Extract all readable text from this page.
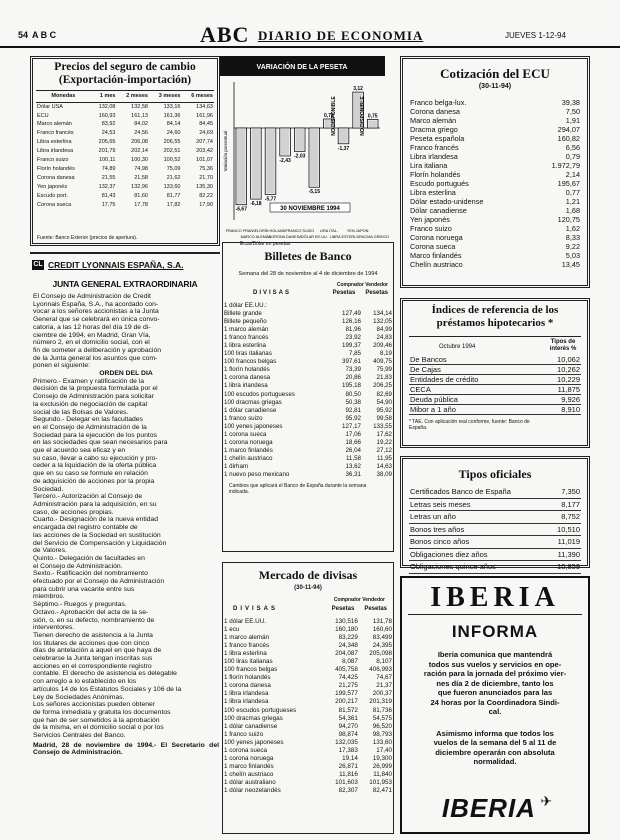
54 A B C	ABC DIARIO DE ECONOMIA	JUEVES 1-12-94
Precios del seguro de cambio
(Exportación-importación)
Monedas	1 mes	2 meses	3 meses	6 meses
Dólar USA	132,08	132,58	133,16	134,63
ECU	160,93	161,13	161,36	161,96
Marco alemán	83,92	84,02	84,14	84,45
Franco francés	24,53	24,56	24,60	24,69
Libra esterlina	205,65	206,08	206,55	207,74
Libra irlandesa	201,79	202,14	202,51	203,42
Franco suizo	100,11	100,30	100,52	101,07
Florín holandés	74,89	74,98	75,09	75,36
Corona danesa	21,55	21,58	21,62	21,70
Yen japonés	132,37	132,96	133,60	135,30
Escudo port.	81,43	81,60	81,77	82,22
Corona sueca	17,75	17,78	17,82	17,90
Fuente: Banco Exterior (precios de apertura).
VARIACIÓN DE LA PESETA
Variación porcentual
-6,67
FRANCO FRANC.
-6,18
MARCO ALEMÁN
-5,77
FLORÍN HOLAND.
-2,43
CORONA DANESA
-2,03
FRANCO SUIZO
-5,15
DÓLAR EE.UU.
0,78
LIRA ITAL.
-1,37
LIBRA ESTERL.
3,12
YEN JAPON.
0,75
DRACMA GRIEGO
NO DISPONIBLE	NO DISPONIBLE
30 NOVIEMBRE 1994
Ecus/Dólar en pesetas
Cotización del ECU
(30-11-94)
Franco belga-lux.	39,38
Corona danesa	7,50
Marco alemán	1,91
Dracma griego	294,07
Peseta española	160,82
Franco francés	6,56
Libra irlandesa	0,79
Lira italiana	1.972,79
Florín holandés	2,14
Escudo portugués	195,67
Libra esterlina	0,77
Dólar estado-unidense	1,21
Dólar canadiense	1,68
Yen japonés	120,75
Franco suizo	1,62
Corona noruega	8,33
Corona sueca	9,22
Marco finlandés	5,03
Chelín austriaco	13,45
CL CREDIT LYONNAIS ESPAÑA, S.A.
JUNTA GENERAL EXTRAORDINARIA
El Consejo de Administración de Credit
Lyonnais España, S.A., ha acordado con-
vocar a los señores accionistas a la Junta
General que se celebrará en única convo-
catoria, a las 12 horas del día 19 de di-
ciembre de 1994, en Madrid, Gran Vía,
número 2, en el domicilio social, con el
fin de someter a deliberación y aprobación
de la Junta general los asuntos que com-
ponen el siguiente:
ORDEN DEL DIA
Primero.- Examen y ratificación de la
decisión de la propuesta formulada por el
Consejo de Administración para solicitar
la exclusión de negociación de capital
social de las Bolsas de Valores.
Segundo.- Delegar en las facultades
en el Consejo de Administración de la
Sociedad para la ejecución de los puntos
en las sociedades que sean necesarios para
que el acuerdo sea eficaz y en
su caso, llevar a cabo su ejecución y pro-
ceder a la liquidación de la oferta pública
que en su caso se formule en relación
de adquisición de acciones por la propia
Sociedad.
Tercero.- Autorización al Consejo de
Administración para la adquisición, en su
caso, de acciones propias.
Cuarto.- Designación de la nueva entidad
encargada del registro contable de
las acciones de la Sociedad en sustitución
del Servicio de Compensación y Liquidación
de Valores.
Quinto.- Delegación de facultades en
el Consejo de Administración.
Sexto.- Ratificación del nombramiento
efectuado por el Consejo de Administración
para cubrir una vacante entre sus
miembros.
Séptimo.- Ruegos y preguntas.
Octavo.- Aprobación del acta de la se-
sión, o, en su defecto, nombramiento de
interventores.
Tienen derecho de asistencia a la Junta
los titulares de acciones que con cinco
días de antelación a aquel en que haya de
celebrarse la Junta tengan inscritas sus
acciones en el correspondiente registro
contable. El derecho de asistencia es delegable
con arreglo a lo establecido en los
artículos 14 de los Estatutos Sociales y 106 de la
Ley de Sociedades Anónimas.
Los señores accionistas pueden obtener
de forma inmediata y gratuita los documentos
que han de ser sometidos a la aprobación
de la misma, en el domicilio social o por los
Servicios Centrales del Banco.
Madrid, 28 de noviembre de 1994.- El Secretario del Consejo de Administración.
Billetes de Banco
Semana del 28 de noviembre al 4 de diciembre de 1994
Comprador Vendedor
DIVISAS	Pesetas Pesetas
1 dólar EE.UU.:		
Billete grande	127,49	134,14
Billete pequeño	126,16	132,05
1 marco alemán	81,96	84,99
1 franco francés	23,92	24,83
1 libra esterlina	199,37	209,46
100 liras italianas	7,85	8,19
100 francos belgas	397,61	409,75
1 florín holandés	73,39	75,99
1 corona danesa	20,86	21,83
1 libra irlandesa	195,18	206,25
100 escudos portugueses	80,50	82,69
100 dracmas griegas	50,38	54,90
1 dólar canadiense	92,81	95,92
1 franco suizo	95,92	99,58
100 yenes japoneses	127,17	133,55
1 corona sueca	17,06	17,62
1 corona noruega	18,66	19,22
1 marco finlandés	26,04	27,12
1 chelín austriaco	11,58	11,95
1 dirham	13,62	14,63
1 nuevo peso mexicano	36,31	38,09
Cambios que aplicará el Banco de España durante la semana indicada.
Índices de referencia de los
préstamos hipotecarios *
Octubre 1994
Tipos de interés %
De Bancos	10,062
De Cajas	10,262
Entidades de crédito	10,229
CECA	11,875
Deuda pública	9,926
Mibor a 1 año	8,910
* TAE. Con aplicación real conforme, fuente: Banco de España.
Tipos oficiales
Certificados Banco de España	7,350
Letras seis meses	8,177
Letras un año	8,752
Bonos tres años	10,510
Bonos cinco años	11,019
Obligaciones diez años	11,390
Obligaciones quince años	10,859
Mercado de divisas
(30-11-94)
Comprador Vendedor
DIVISAS	Pesetas Pesetas
1 dólar EE.UU.	130,516	131,78
1 ecu	160,180	160,60
1 marco alemán	83,229	83,499
1 franco francés	24,348	24,395
1 libra esterlina	204,087	205,098
100 liras italianas	8,087	8,107
100 francos belgas	405,758	406,993
1 florín holandés	74,425	74,67
1 corona danesa	21,275	21,37
1 libra irlandesa	199,577	200,37
1 libra irlandesa	200,217	201,319
100 escudos portugueses	81,572	81,736
100 dracmas griegas	54,361	54,575
1 dólar canadiense	94,270	96,520
1 franco suizo	98,874	98,793
100 yenes japoneses	132,035	133,60
1 corona sueca	17,383	17,40
1 corona noruega	19,14	19,300
1 marco finlandés	26,871	26,999
1 chelín austriaco	11,816	11,840
1 dólar australiano	101,603	101,953
1 dólar neozelandés	82,307	82,471
IBERIA
INFORMA
Iberia comunica que mantendrá
todos sus vuelos y servicios en ope-
ración para la jornada del próximo vier-
nes día 2 de diciembre, tanto los
que fueron anunciados para las
24 horas por la Coordinadora Sindi-
cal.
Asimismo informa que todos los
vuelos de la semana del 5 al 11 de
diciembre operarán con absoluta
normalidad.
IBERIA ✈
